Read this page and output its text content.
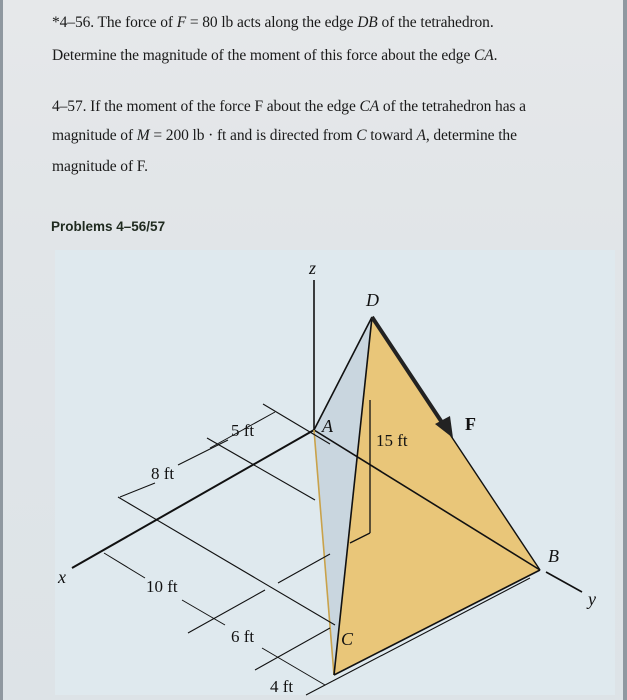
*4–56. The force of F = 80 lb acts along the edge DB of the tetrahedron.
Determine the magnitude of the moment of this force about the edge CA.
4–57. If the moment of the force F about the edge CA of the tetrahedron has a
magnitude of M = 200 lb · ft and is directed from C toward A, determine the
magnitude of F.
Problems 4–56/57
z
D
A
B
C
x
y
F
5 ft
8 ft
15 ft
10 ft
6 ft
4 ft
